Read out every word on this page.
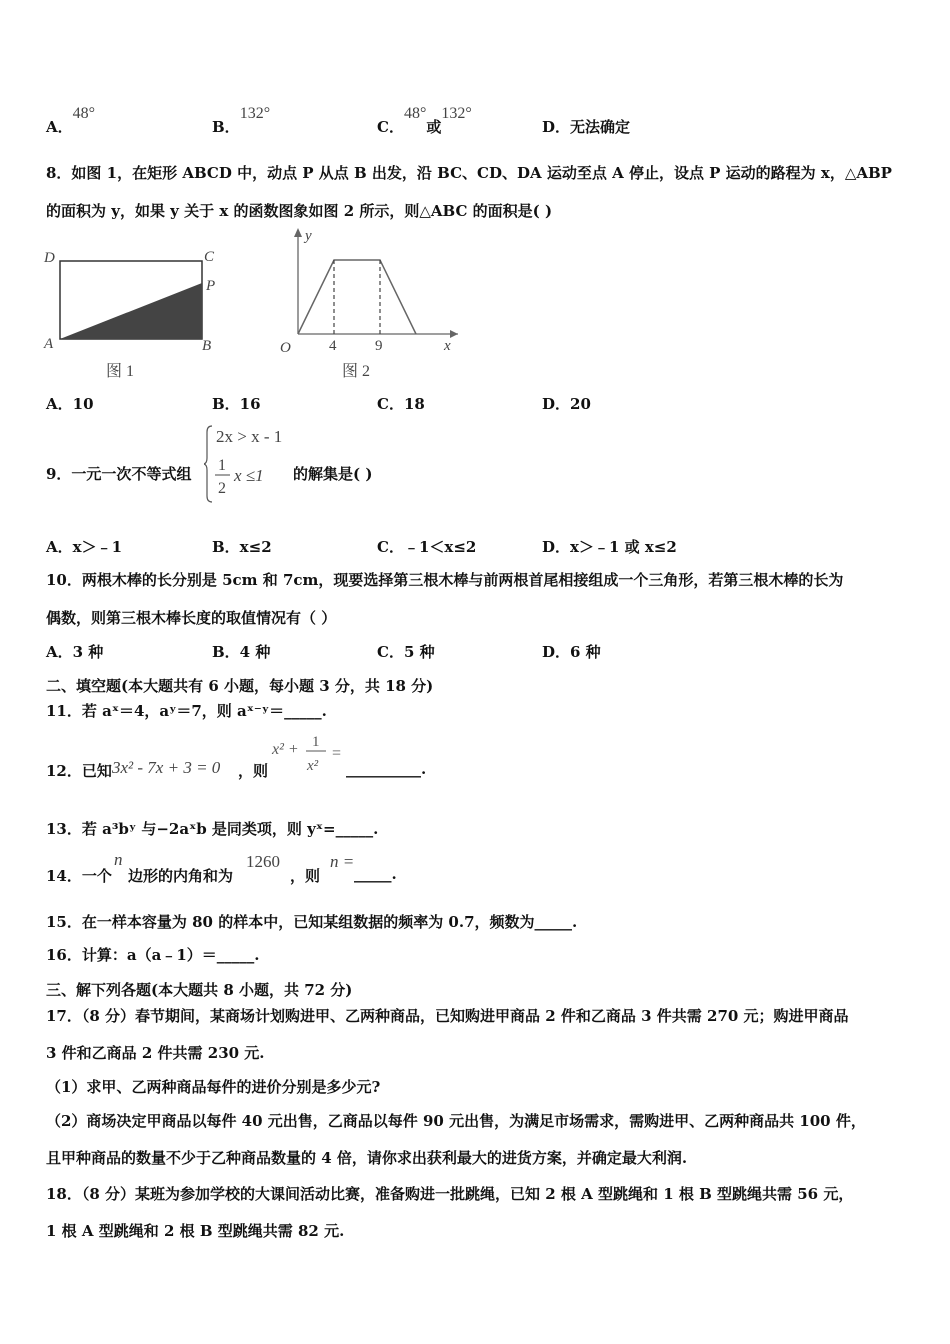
A．48°
B．132°
C．48°或132°
D．无法确定
8．如图 1，在矩形 ABCD 中，动点 P 从点 B 出发，沿 BC、CD、DA 运动至点 A 停止，设点 P 运动的路程为 x，△ABP
的面积为 y，如果 y 关于 x 的函数图象如图 2 所示，则△ABC 的面积是( )
D	C
P
A	B
图 1
y
x
O	4	9
图 2
A．10	B．16	C．18	D．20
9．一元一次不等式组
2x > x - 1
1
2
x ≤1 的解集是( )
A．x＞﹣1	B．x≤2	C．﹣1＜x≤2	D．x＞﹣1 或 x≤2
10．两根木棒的长分别是 5cm 和 7cm，现要选择第三根木棒与前两根首尾相接组成一个三角形，若第三根木棒的长为
偶数，则第三根木棒长度的取值情况有（ ）
A．3 种	B．4 种	C．5 种	D．6 种
二、填空题(本大题共有 6 小题，每小题 3 分，共 18 分)
11．若 aˣ＝4，aʸ＝7，则 aˣ⁻ʸ＝_____.
12．已知 3x² - 7x + 3 = 0 ，则
x² + 1
x²
=
__________.
13．若 a³bʸ 与−2aˣb 是同类项，则 yˣ=_____.
14．一个
n
边形的内角和为
1260
，则
n =
_____.
15．在一样本容量为 80 的样本中，已知某组数据的频率为 0.7，频数为_____.
16．计算：a（a﹣1）＝_____.
三、解下列各题(本大题共 8 小题，共 72 分)
17．（8 分）春节期间，某商场计划购进甲、乙两种商品，已知购进甲商品 2 件和乙商品 3 件共需 270 元；购进甲商品
3 件和乙商品 2 件共需 230 元.
（1）求甲、乙两种商品每件的进价分别是多少元?
（2）商场决定甲商品以每件 40 元出售，乙商品以每件 90 元出售，为满足市场需求，需购进甲、乙两种商品共 100 件，
且甲种商品的数量不少于乙种商品数量的 4 倍，请你求出获利最大的进货方案，并确定最大利润.
18．（8 分）某班为参加学校的大课间活动比赛，准备购进一批跳绳，已知 2 根 A 型跳绳和 1 根 B 型跳绳共需 56 元，
1 根 A 型跳绳和 2 根 B 型跳绳共需 82 元.
